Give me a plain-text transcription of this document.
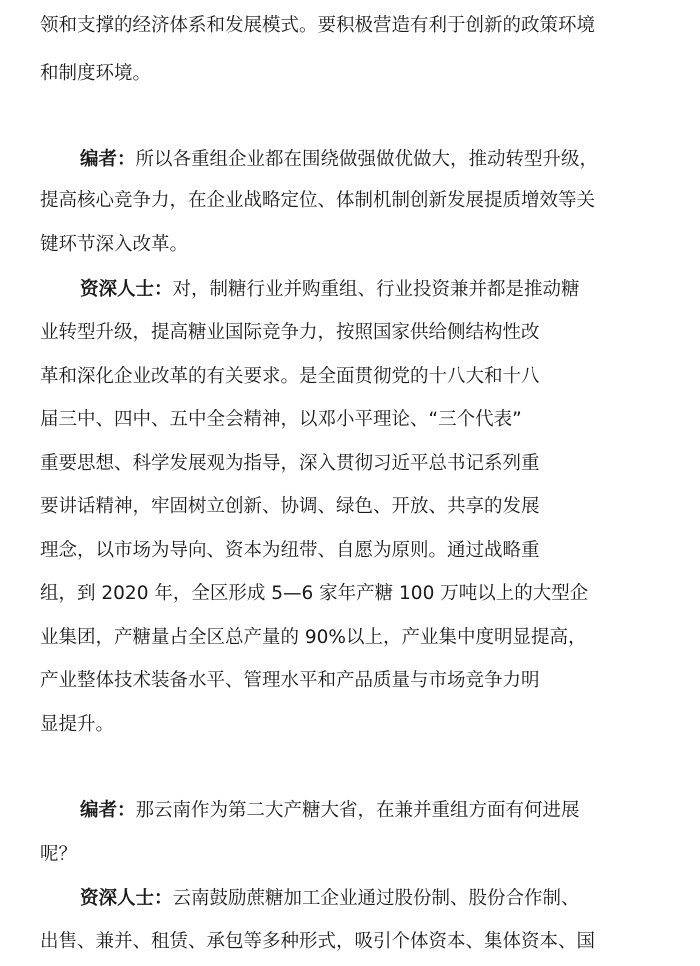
领和支撑的经济体系和发展模式。要积极营造有利于创新的政策环境
和制度环境。
编者：所以各重组企业都在围绕做强做优做大，推动转型升级，
提高核心竞争力，在企业战略定位、体制机制创新发展提质增效等关
键环节深入改革。
资深人士：对，制糖行业并购重组、行业投资兼并都是推动糖
业转型升级，提高糖业国际竞争力，按照国家供给侧结构性改
革和深化企业改革的有关要求。是全面贯彻党的十八大和十八
届三中、四中、五中全会精神，以邓小平理论、“三个代表”
重要思想、科学发展观为指导，深入贯彻习近平总书记系列重
要讲话精神，牢固树立创新、协调、绿色、开放、共享的发展
理念，以市场为导向、资本为纽带、自愿为原则。通过战略重
组，到 2020 年，全区形成 5—6 家年产糖 100 万吨以上的大型企
业集团，产糖量占全区总产量的 90%以上，产业集中度明显提高，
产业整体技术装备水平、管理水平和产品质量与市场竞争力明
显提升。
编者：那云南作为第二大产糖大省，在兼并重组方面有何进展
呢？
资深人士：云南鼓励蔗糖加工企业通过股份制、股份合作制、
出售、兼并、租赁、承包等多种形式，吸引个体资本、集体资本、国
